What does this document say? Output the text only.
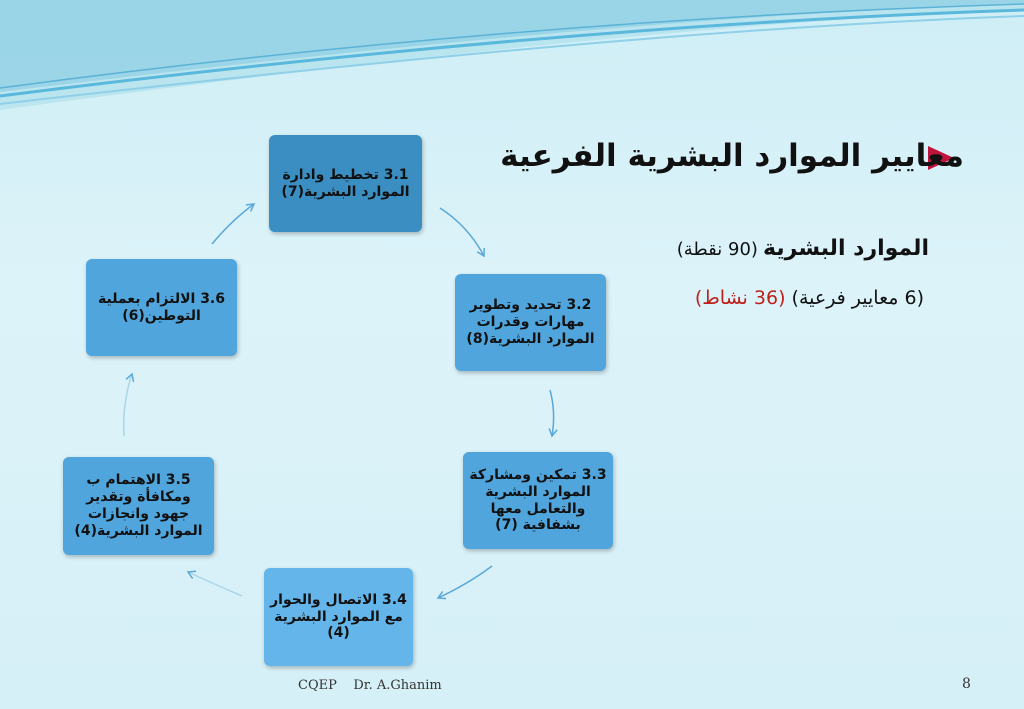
معايير الموارد البشرية الفرعية
الموارد البشرية (90 نقطة)
(6 معايير فرعية) (36 نشاط)
3.1 تخطيط وادارة الموارد البشرية(7)
3.2 تحديد وتطوير مهارات وقدرات الموارد البشرية(8)
3.3 تمكين ومشاركة الموارد البشرية والتعامل معها بشفافية (7)
3.4 الاتصال والحوار مع الموارد البشرية (4)
3.5 الاهتمام ب ومكافأة وتقدير جهود وانجازات الموارد البشرية(4)
3.6 الالتزام بعملية التوطين(6)
CQEP Dr. A.Ghanim	8
